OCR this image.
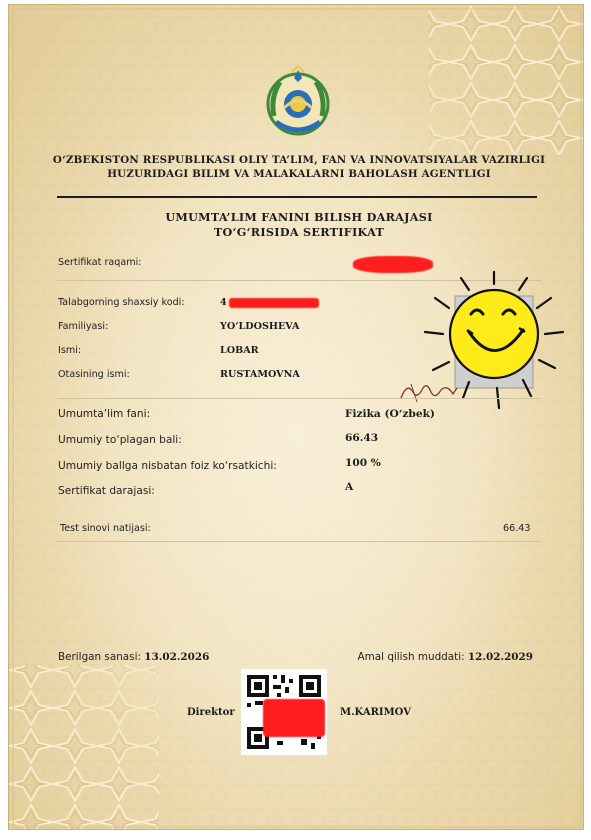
O‘ZBEKISTON RESPUBLIKASI OLIY TA’LIM, FAN VA INNOVATSIYALAR VAZIRLIGI
HUZURIDAGI BILIM VA MALAKALARNI BAHOLASH AGENTLIGI
UMUMTA’LIM FANINI BILISH DARAJASI
TO‘G‘RISIDA SERTIFIKAT
Sertifikat raqami:
Talabgorning shaxsiy kodi:	4
Familiyasi:	YO‘LDOSHEVA
Ismi:	LOBAR
Otasining ismi:	RUSTAMOVNA
Umumta’lim fani:	Fizika (O‘zbek)
Umumiy to‘plagan bali:	66.43
Umumiy ballga nisbatan foiz ko‘rsatkichi:	100 %
Sertifikat darajasi:	A
Test sinovi natijasi:	66.43
Berilgan sanasi: 13.02.2026	Amal qilish muddati: 12.02.2029
Direktor	M.KARIMOV
